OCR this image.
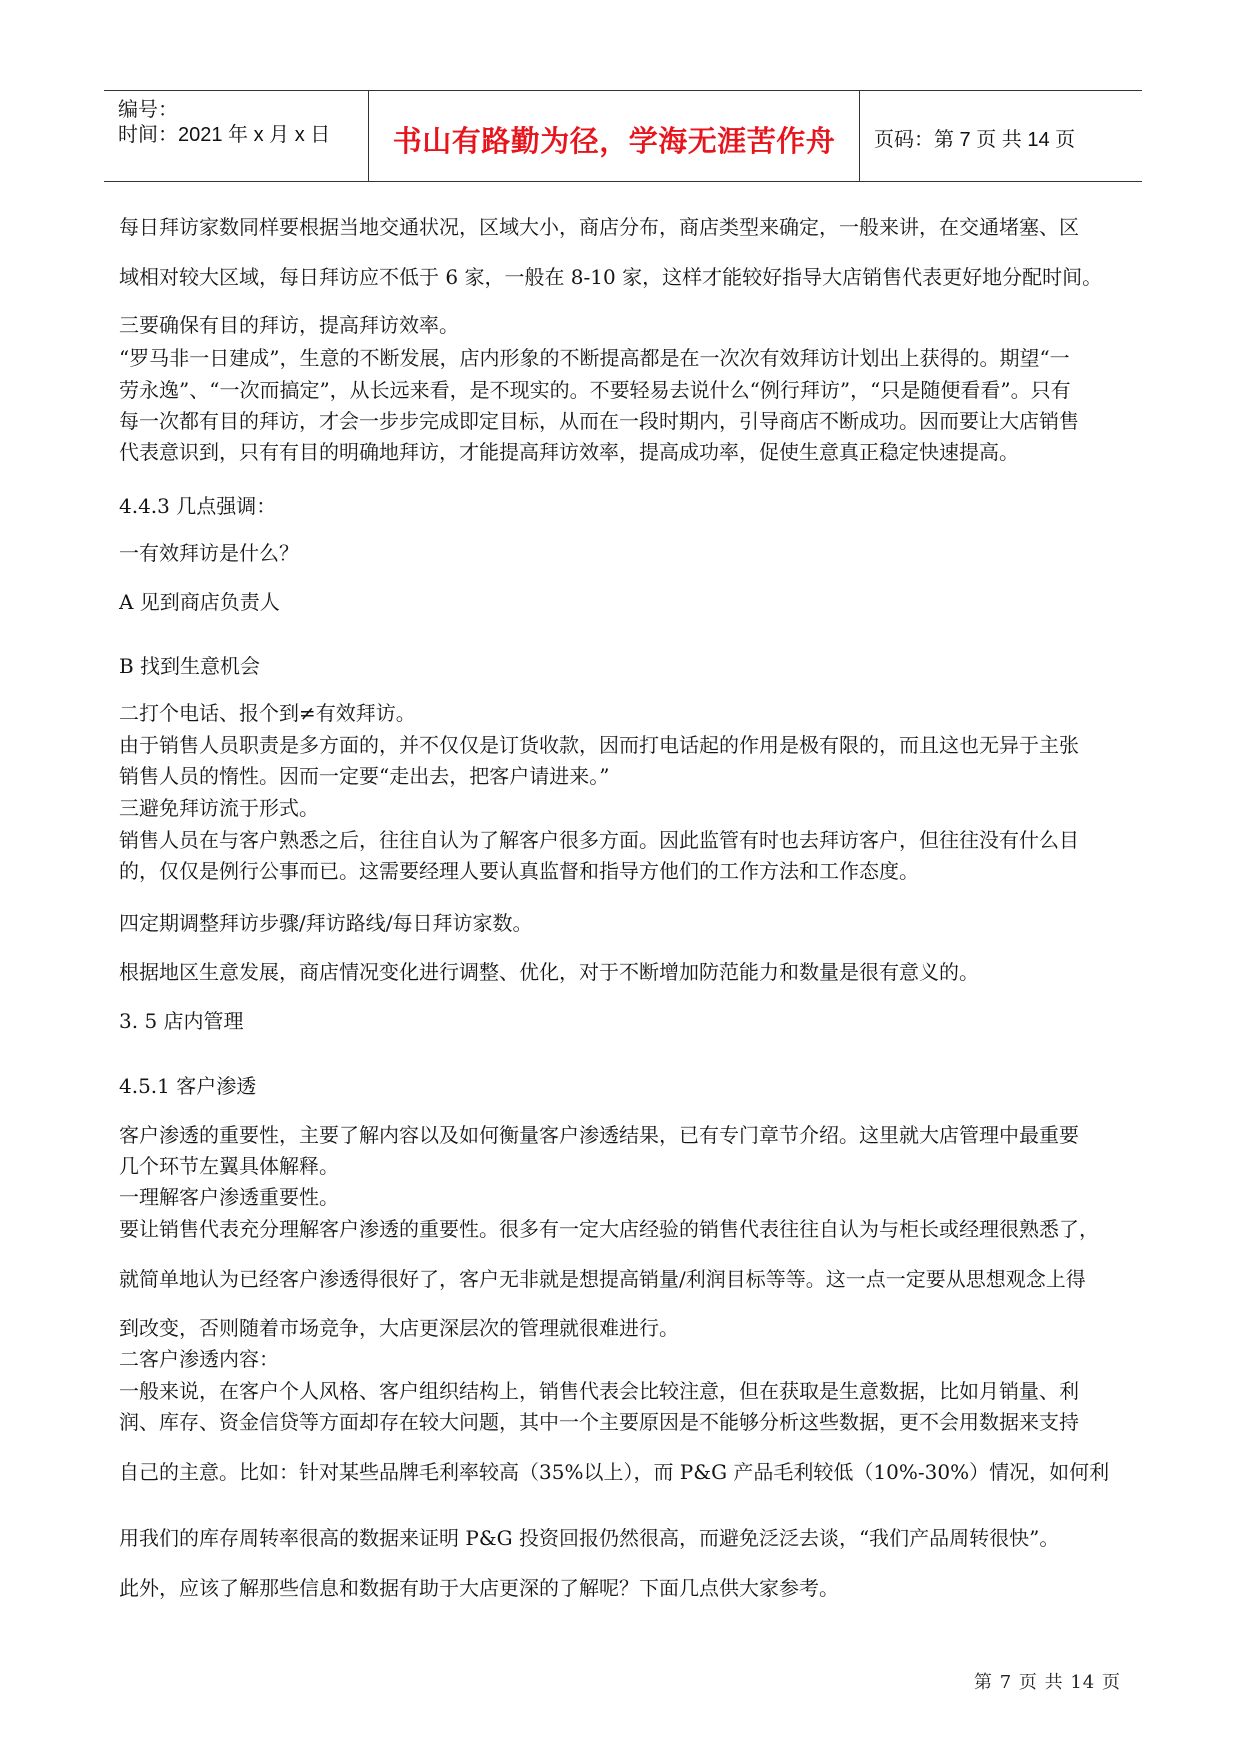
编号：
时间：2021 年 x 月 x 日	书山有路勤为径，学海无涯苦作舟	页码：第 7 页 共 14 页
每日拜访家数同样要根据当地交通状况，区域大小，商店分布，商店类型来确定，一般来讲，在交通堵塞、区
域相对较大区域，每日拜访应不低于 6 家，一般在 8-10 家，这样才能较好指导大店销售代表更好地分配时间。
三要确保有目的拜访，提高拜访效率。
“罗马非一日建成”，生意的不断发展，店内形象的不断提高都是在一次次有效拜访计划出上获得的。期望“一
劳永逸”、“一次而搞定”，从长远来看，是不现实的。不要轻易去说什么“例行拜访”，“只是随便看看”。只有
每一次都有目的拜访，才会一步步完成即定目标，从而在一段时期内，引导商店不断成功。因而要让大店销售
代表意识到，只有有目的明确地拜访，才能提高拜访效率，提高成功率，促使生意真正稳定快速提高。
4.4.3 几点强调：
一有效拜访是什么？
A 见到商店负责人
B 找到生意机会
二打个电话、报个到≠有效拜访。
由于销售人员职责是多方面的，并不仅仅是订货收款，因而打电话起的作用是极有限的，而且这也无异于主张
销售人员的惰性。因而一定要“走出去，把客户请进来。”
三避免拜访流于形式。
销售人员在与客户熟悉之后，往往自认为了解客户很多方面。因此监管有时也去拜访客户，但往往没有什么目
的，仅仅是例行公事而已。这需要经理人要认真监督和指导方他们的工作方法和工作态度。
四定期调整拜访步骤/拜访路线/每日拜访家数。
根据地区生意发展，商店情况变化进行调整、优化，对于不断增加防范能力和数量是很有意义的。
3. 5 店内管理
4.5.1 客户渗透
客户渗透的重要性，主要了解内容以及如何衡量客户渗透结果，已有专门章节介绍。这里就大店管理中最重要
几个环节左翼具体解释。
一理解客户渗透重要性。
要让销售代表充分理解客户渗透的重要性。很多有一定大店经验的销售代表往往自认为与柜长或经理很熟悉了，
就简单地认为已经客户渗透得很好了，客户无非就是想提高销量/利润目标等等。这一点一定要从思想观念上得
到改变，否则随着市场竞争，大店更深层次的管理就很难进行。
二客户渗透内容：
一般来说，在客户个人风格、客户组织结构上，销售代表会比较注意，但在获取是生意数据，比如月销量、利
润、库存、资金信贷等方面却存在较大问题，其中一个主要原因是不能够分析这些数据，更不会用数据来支持
自己的主意。比如：针对某些品牌毛利率较高（35%以上），而 P&G 产品毛利较低（10%-30%）情况，如何利
用我们的库存周转率很高的数据来证明 P&G 投资回报仍然很高，而避免泛泛去谈，“我们产品周转很快”。
此外，应该了解那些信息和数据有助于大店更深的了解呢？下面几点供大家参考。
第 7 页 共 14 页
